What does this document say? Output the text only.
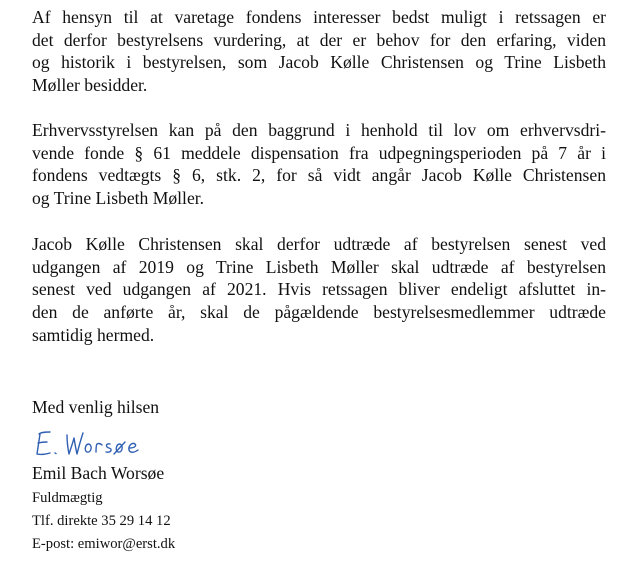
Af hensyn til at varetage fondens interesser bedst muligt i retssagen er
det derfor bestyrelsens vurdering, at der er behov for den erfaring, viden
og historik i bestyrelsen, som Jacob Kølle Christensen og Trine Lisbeth
Møller besidder.

Erhvervsstyrelsen kan på den baggrund i henhold til lov om erhvervsdri-
vende fonde § 61 meddele dispensation fra udpegningsperioden på 7 år i
fondens vedtægts § 6, stk. 2, for så vidt angår Jacob Kølle Christensen
og Trine Lisbeth Møller.

Jacob Kølle Christensen skal derfor udtræde af bestyrelsen senest ved
udgangen af 2019 og Trine Lisbeth Møller skal udtræde af bestyrelsen
senest ved udgangen af 2021. Hvis retssagen bliver endeligt afsluttet in-
den de anførte år, skal de pågældende bestyrelsesmedlemmer udtræde
samtidig hermed.

Med venlig hilsen

Emil Bach Worsøe

Fuldmægtig

Tlf. direkte 35 29 14 12

E-post: emiwor@erst.dk
